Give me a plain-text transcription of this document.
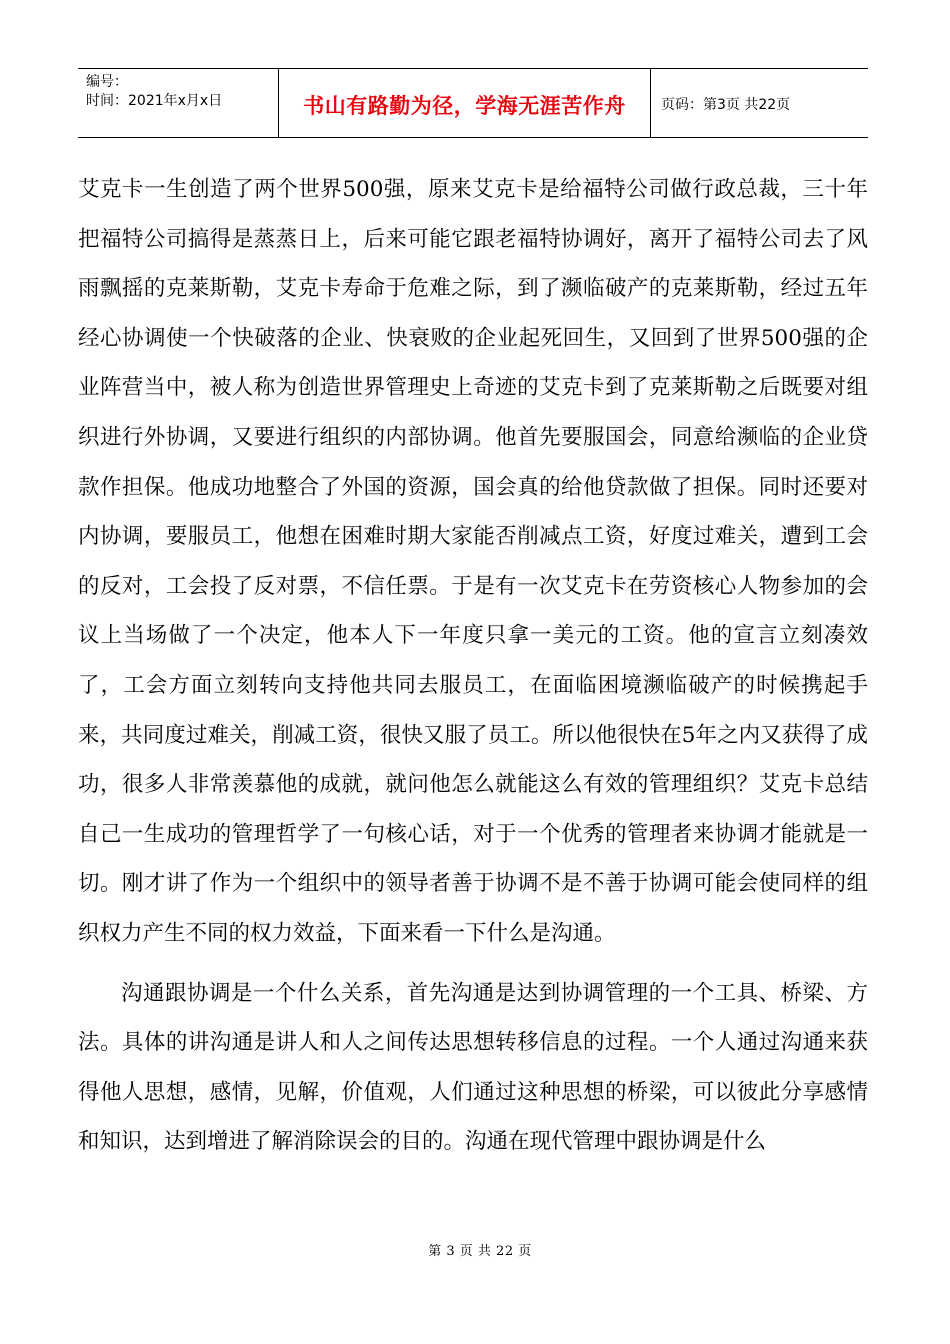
编号：
时间：2021年x月x日	书山有路勤为径，学海无涯苦作舟	页码：第3页 共22页

艾克卡一生创造了两个世界500强，原来艾克卡是给福特公司做行政总裁，三十年把福特公司搞得是蒸蒸日上，后来可能它跟老福特协调好，离开了福特公司去了风雨飘摇的克莱斯勒，艾克卡寿命于危难之际，到了濒临破产的克莱斯勒，经过五年经心协调使一个快破落的企业、快衰败的企业起死回生，又回到了世界500强的企业阵营当中，被人称为创造世界管理史上奇迹的艾克卡到了克莱斯勒之后既要对组织进行外协调，又要进行组织的内部协调。他首先要服国会，同意给濒临的企业贷款作担保。他成功地整合了外国的资源，国会真的给他贷款做了担保。同时还要对内协调，要服员工，他想在困难时期大家能否削减点工资，好度过难关，遭到工会的反对，工会投了反对票，不信任票。于是有一次艾克卡在劳资核心人物参加的会议上当场做了一个决定，他本人下一年度只拿一美元的工资。他的宣言立刻凑效了，工会方面立刻转向支持他共同去服员工，在面临困境濒临破产的时候携起手来，共同度过难关，削减工资，很快又服了员工。所以他很快在5年之内又获得了成功，很多人非常羡慕他的成就，就问他怎么就能这么有效的管理组织？艾克卡总结自己一生成功的管理哲学了一句核心话，对于一个优秀的管理者来协调才能就是一切。刚才讲了作为一个组织中的领导者善于协调不是不善于协调可能会使同样的组织权力产生不同的权力效益，下面来看一下什么是沟通。

沟通跟协调是一个什么关系，首先沟通是达到协调管理的一个工具、桥梁、方法。具体的讲沟通是讲人和人之间传达思想转移信息的过程。一个人通过沟通来获得他人思想，感情，见解，价值观，人们通过这种思想的桥梁，可以彼此分享感情和知识，达到增进了解消除误会的目的。沟通在现代管理中跟协调是什么

第 3 页 共 22 页
